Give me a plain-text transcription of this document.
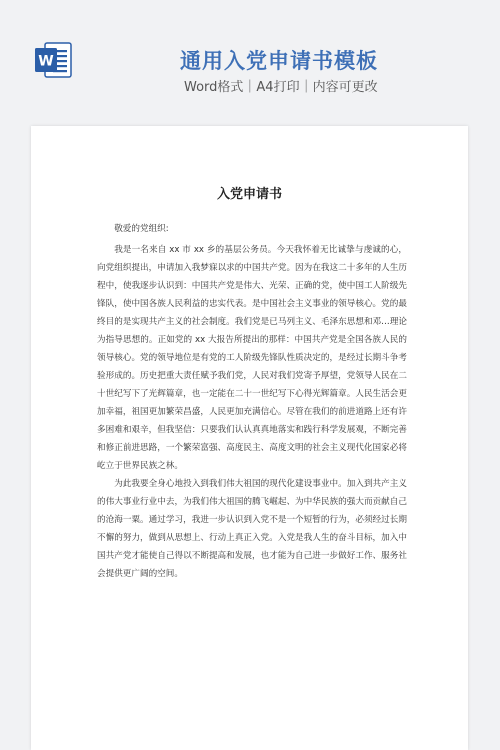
W	通用入党申请书模板
Word格式｜A4打印｜内容可更改
入党申请书

敬爱的党组织:

我是一名来自 xx 市 xx 乡的基层公务员。今天我怀着无比诚挚与虔诚的心，向党组织提出，申请加入我梦寐以求的中国共产党。因为在我这二十多年的人生历程中，使我逐步认识到：中国共产党是伟大、光荣、正确的党，使中国工人阶级先锋队，使中国各族人民利益的忠实代表。是中国社会主义事业的领导核心。党的最终目的是实现共产主义的社会制度。我们党是已马列主义、毛泽东思想和邓…理论为指导思想的。正如党的 xx 大报告所提出的那样：中国共产党是全国各族人民的领导核心。党的领导地位是有党的工人阶级先锋队性质决定的，是经过长期斗争考验形成的。历史把重大责任赋予我们党，人民对我们党寄予厚望，党领导人民在二十世纪写下了光辉篇章，也一定能在二十一世纪写下心得光辉篇章。人民生活会更加幸福，祖国更加繁荣昌盛，人民更加充满信心。尽管在我们的前进道路上还有许多困难和艰辛，但我坚信：只要我们认认真真地落实和践行科学发展观，不断完善和修正前进思路，一个繁荣富强、高度民主、高度文明的社会主义现代化国家必将屹立于世界民族之林。

为此我要全身心地投入到我们伟大祖国的现代化建设事业中。加入到共产主义的伟大事业行业中去，为我们伟大祖国的腾飞崛起、为中华民族的强大而贡献自己的沧海一粟。通过学习，我进一步认识到入党不是一个短暂的行为，必须经过长期不懈的努力，做到从思想上、行动上真正入党。入党是我人生的奋斗目标，加入中国共产党才能使自己得以不断提高和发展，也才能为自己进一步做好工作、服务社会提供更广阔的空间。
